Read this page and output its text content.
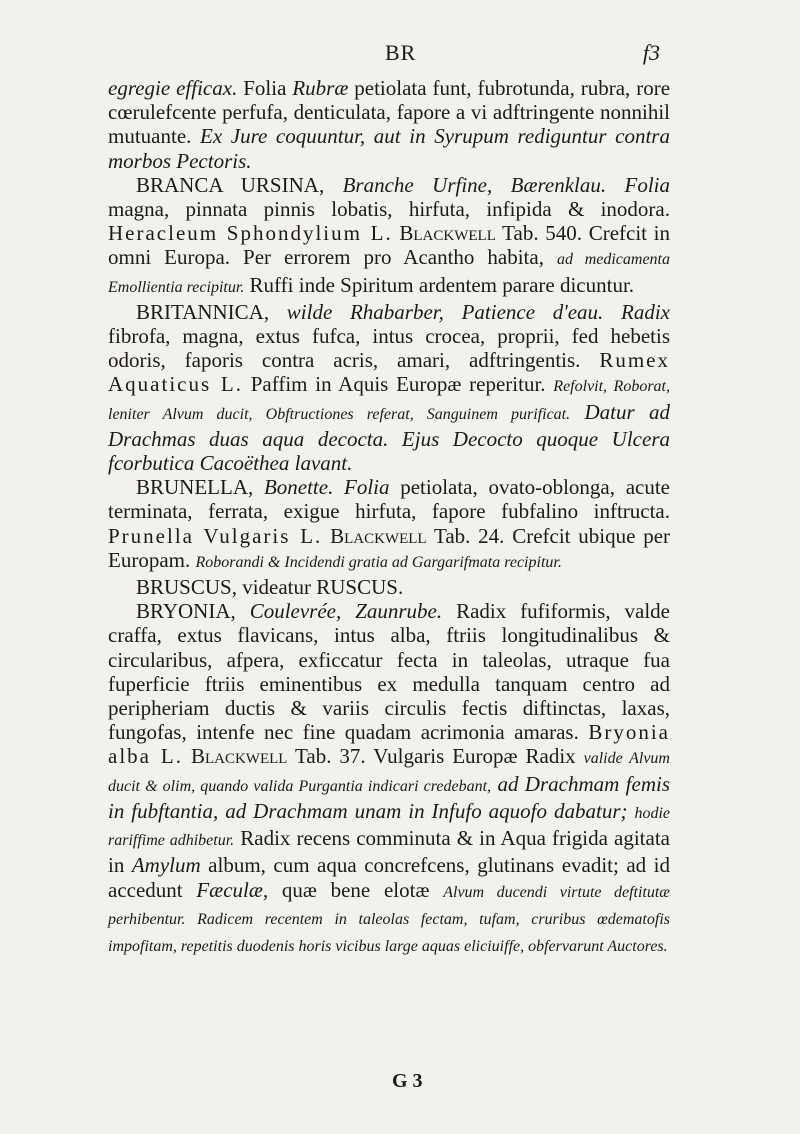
BR	f3

egregie efficax. Folia Rubræ petiolata funt, fubrotunda, rubra, rore cœrulefcente perfufa, denticulata, fapore a vi adftringente nonnihil mutuante. Ex Jure coquuntur, aut in Syrupum rediguntur contra morbos Pectoris.

BRANCA URSINA, Branche Urfine, Bærenklau. Folia magna, pinnata pinnis lobatis, hirfuta, infipida & inodora. Heracleum Sphondylium L. Blackwell Tab. 540. Crefcit in omni Europa. Per errorem pro Acantho habita, ad medicamenta Emollientia recipitur. Ruffi inde Spiritum ardentem parare dicuntur.

BRITANNICA, wilde Rhabarber, Patience d'eau. Radix fibrofa, magna, extus fufca, intus crocea, proprii, fed hebetis odoris, faporis contra acris, amari, adftringentis. Rumex Aquaticus L. Paffim in Aquis Europæ reperitur. Refolvit, Roborat, leniter Alvum ducit, Obftructiones referat, Sanguinem purificat. Datur ad Drachmas duas aqua decocta. Ejus Decocto quoque Ulcera fcorbutica Cacoëthea lavant.

BRUNELLA, Bonette. Folia petiolata, ovato-oblonga, acute terminata, ferrata, exigue hirfuta, fapore fubfalino inftructa. Prunella Vulgaris L. Blackwell Tab. 24. Crefcit ubique per Europam. Roborandi & Incidendi gratia ad Gargarifmata recipitur.

BRUSCUS, videatur RUSCUS.

BRYONIA, Coulevrée, Zaunrube. Radix fufiformis, valde craffa, extus flavicans, intus alba, ftriis longitudinalibus & circularibus, afpera, exficcatur fecta in taleolas, utraque fua fuperficie ftriis eminentibus ex medulla tanquam centro ad peripheriam ductis & variis circulis fectis diftinctas, laxas, fungofas, intenfe nec fine quadam acrimonia amaras. Bryonia alba L. Blackwell Tab. 37. Vulgaris Europæ Radix valide Alvum ducit & olim, quando valida Purgantia indicari credebant, ad Drachmam femis in fubftantia, ad Drachmam unam in Infufo aquofo dabatur; hodie rariffime adhibetur. Radix recens comminuta & in Aqua frigida agitata in Amylum album, cum aqua concrefcens, glutinans evadit; ad id accedunt Fæculæ, quæ bene elotæ Alvum ducendi virtute deftitutæ perhibentur. Radicem recentem in taleolas fectam, tufam, cruribus œdematofis impofitam, repetitis duodenis horis vicibus large aquas eliciuiffe, obfervarunt Auctores.

G 3
